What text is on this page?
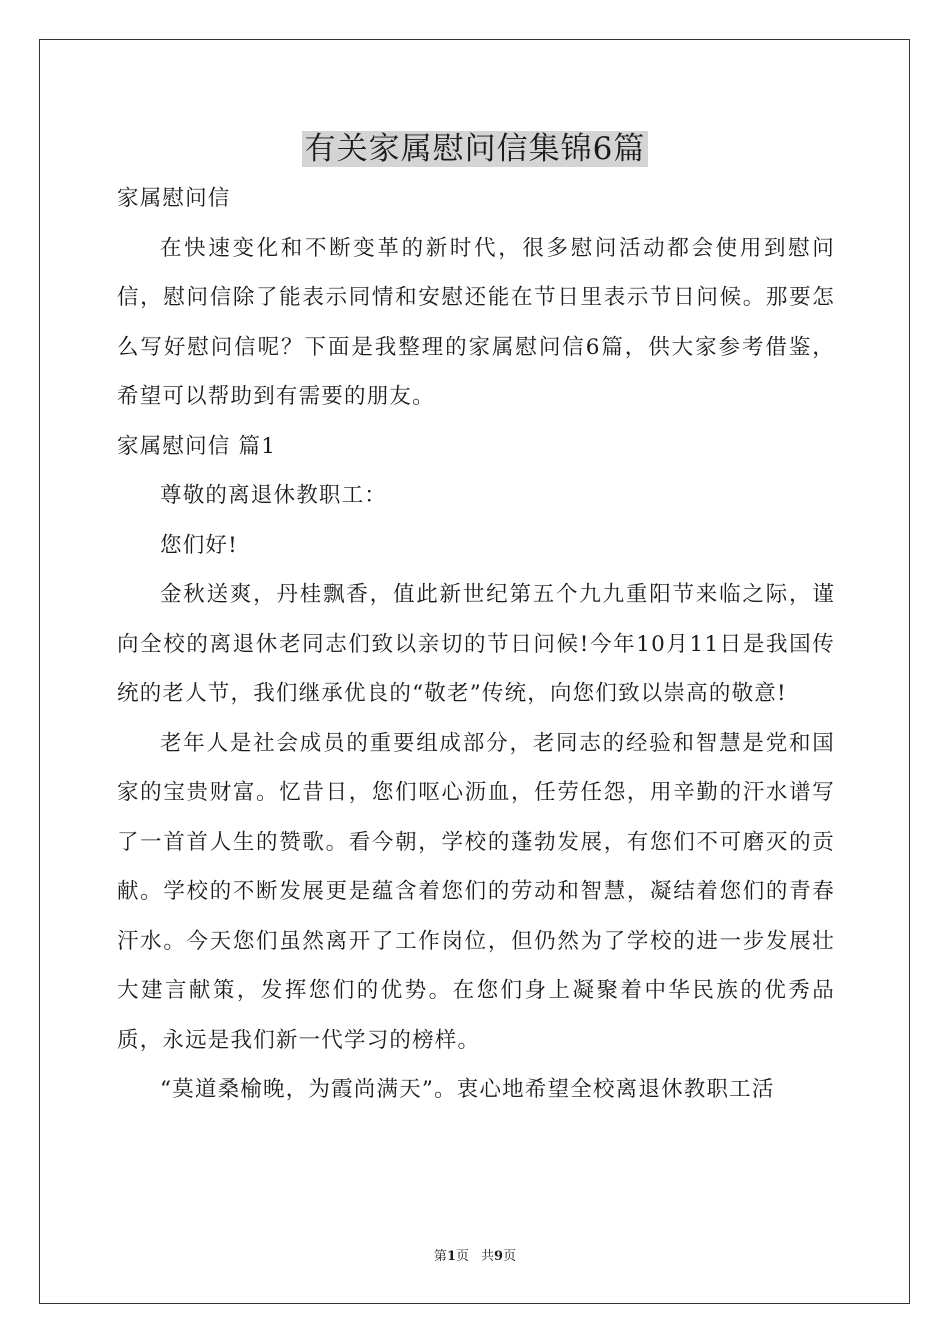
有关家属慰问信集锦6篇

家属慰问信

在快速变化和不断变革的新时代，很多慰问活动都会使用到慰问信，慰问信除了能表示同情和安慰还能在节日里表示节日问候。那要怎么写好慰问信呢？下面是我整理的家属慰问信6篇，供大家参考借鉴，希望可以帮助到有需要的朋友。

家属慰问信 篇1

尊敬的离退休教职工：

您们好!

金秋送爽，丹桂飘香，值此新世纪第五个九九重阳节来临之际，谨向全校的离退休老同志们致以亲切的节日问候!今年10月11日是我国传统的老人节，我们继承优良的“敬老”传统，向您们致以崇高的敬意!

老年人是社会成员的重要组成部分，老同志的经验和智慧是党和国家的宝贵财富。忆昔日，您们呕心沥血，任劳任怨，用辛勤的汗水谱写了一首首人生的赞歌。看今朝，学校的蓬勃发展，有您们不可磨灭的贡献。学校的不断发展更是蕴含着您们的劳动和智慧，凝结着您们的青春汗水。今天您们虽然离开了工作岗位，但仍然为了学校的进一步发展壮大建言献策，发挥您们的优势。在您们身上凝聚着中华民族的优秀品质，永远是我们新一代学习的榜样。

“莫道桑榆晚，为霞尚满天”。衷心地希望全校离退休教职工活

第1页 共9页
